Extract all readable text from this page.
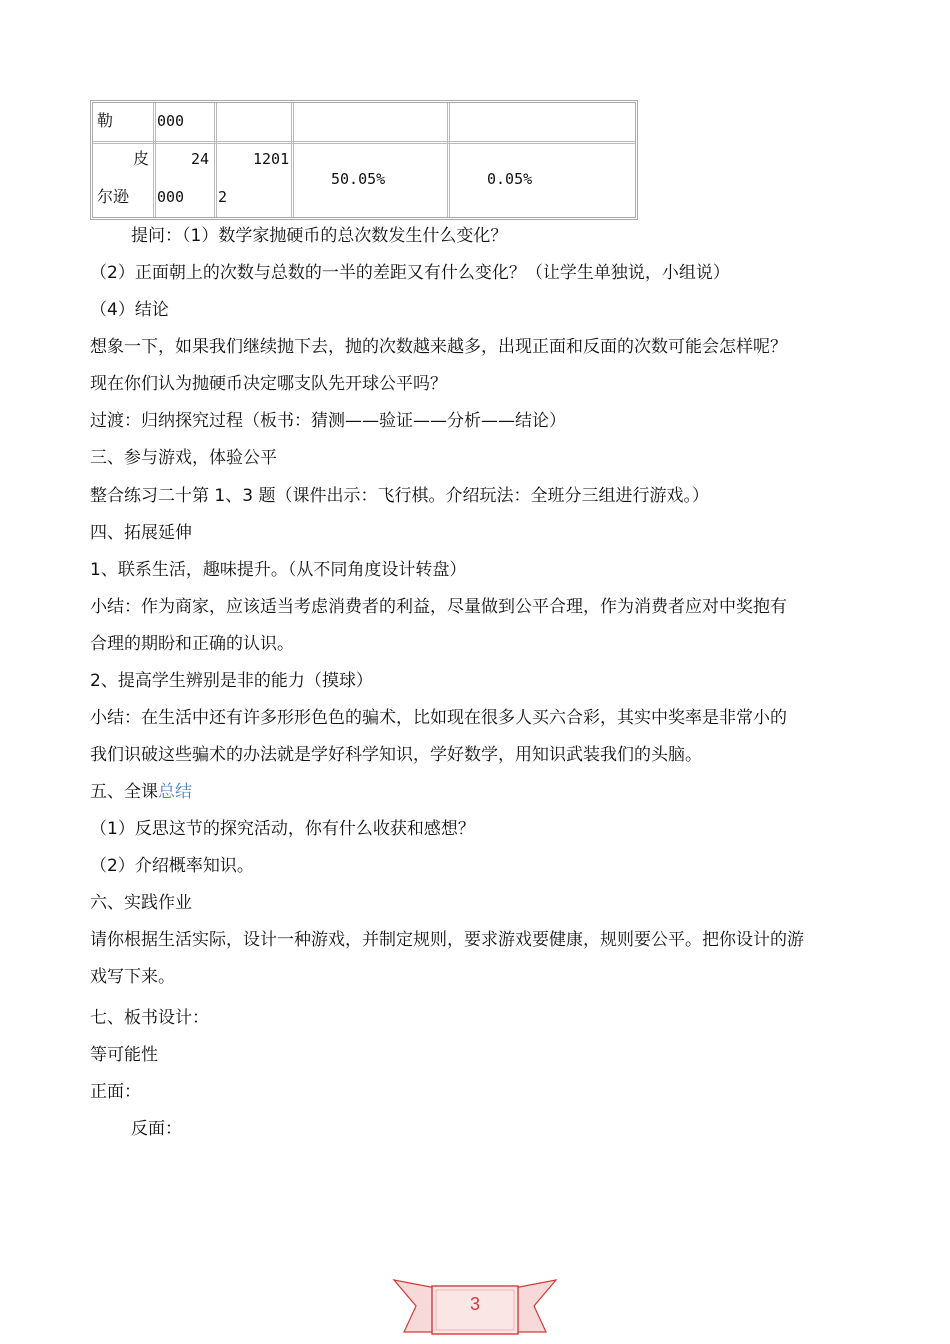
勒	000
皮
尔逊
24
000
1201
2
50.05%	0.05%
提问：（1）数学家抛硬币的总次数发生什么变化？
（2）正面朝上的次数与总数的一半的差距又有什么变化？（让学生单独说，小组说）
（4）结论
想象一下，如果我们继续抛下去，抛的次数越来越多，出现正面和反面的次数可能会怎样呢？
现在你们认为抛硬币决定哪支队先开球公平吗？
过渡：归纳探究过程（板书：猜测——验证——分析——结论）
三、参与游戏，体验公平
整合练习二十第 1、3 题（课件出示：飞行棋。介绍玩法：全班分三组进行游戏。）
四、拓展延伸
1、联系生活，趣味提升。（从不同角度设计转盘）
小结：作为商家，应该适当考虑消费者的利益，尽量做到公平合理，作为消费者应对中奖抱有
合理的期盼和正确的认识。
2、提高学生辨别是非的能力（摸球）
小结：在生活中还有许多形形色色的骗术，比如现在很多人买六合彩，其实中奖率是非常小的
我们识破这些骗术的办法就是学好科学知识，学好数学，用知识武装我们的头脑。
五、全课总结
（1）反思这节的探究活动，你有什么收获和感想？
（2）介绍概率知识。
六、实践作业
请你根据生活实际，设计一种游戏，并制定规则，要求游戏要健康，规则要公平。把你设计的游
戏写下来。
七、板书设计：
等可能性
正面：
反面：
3
